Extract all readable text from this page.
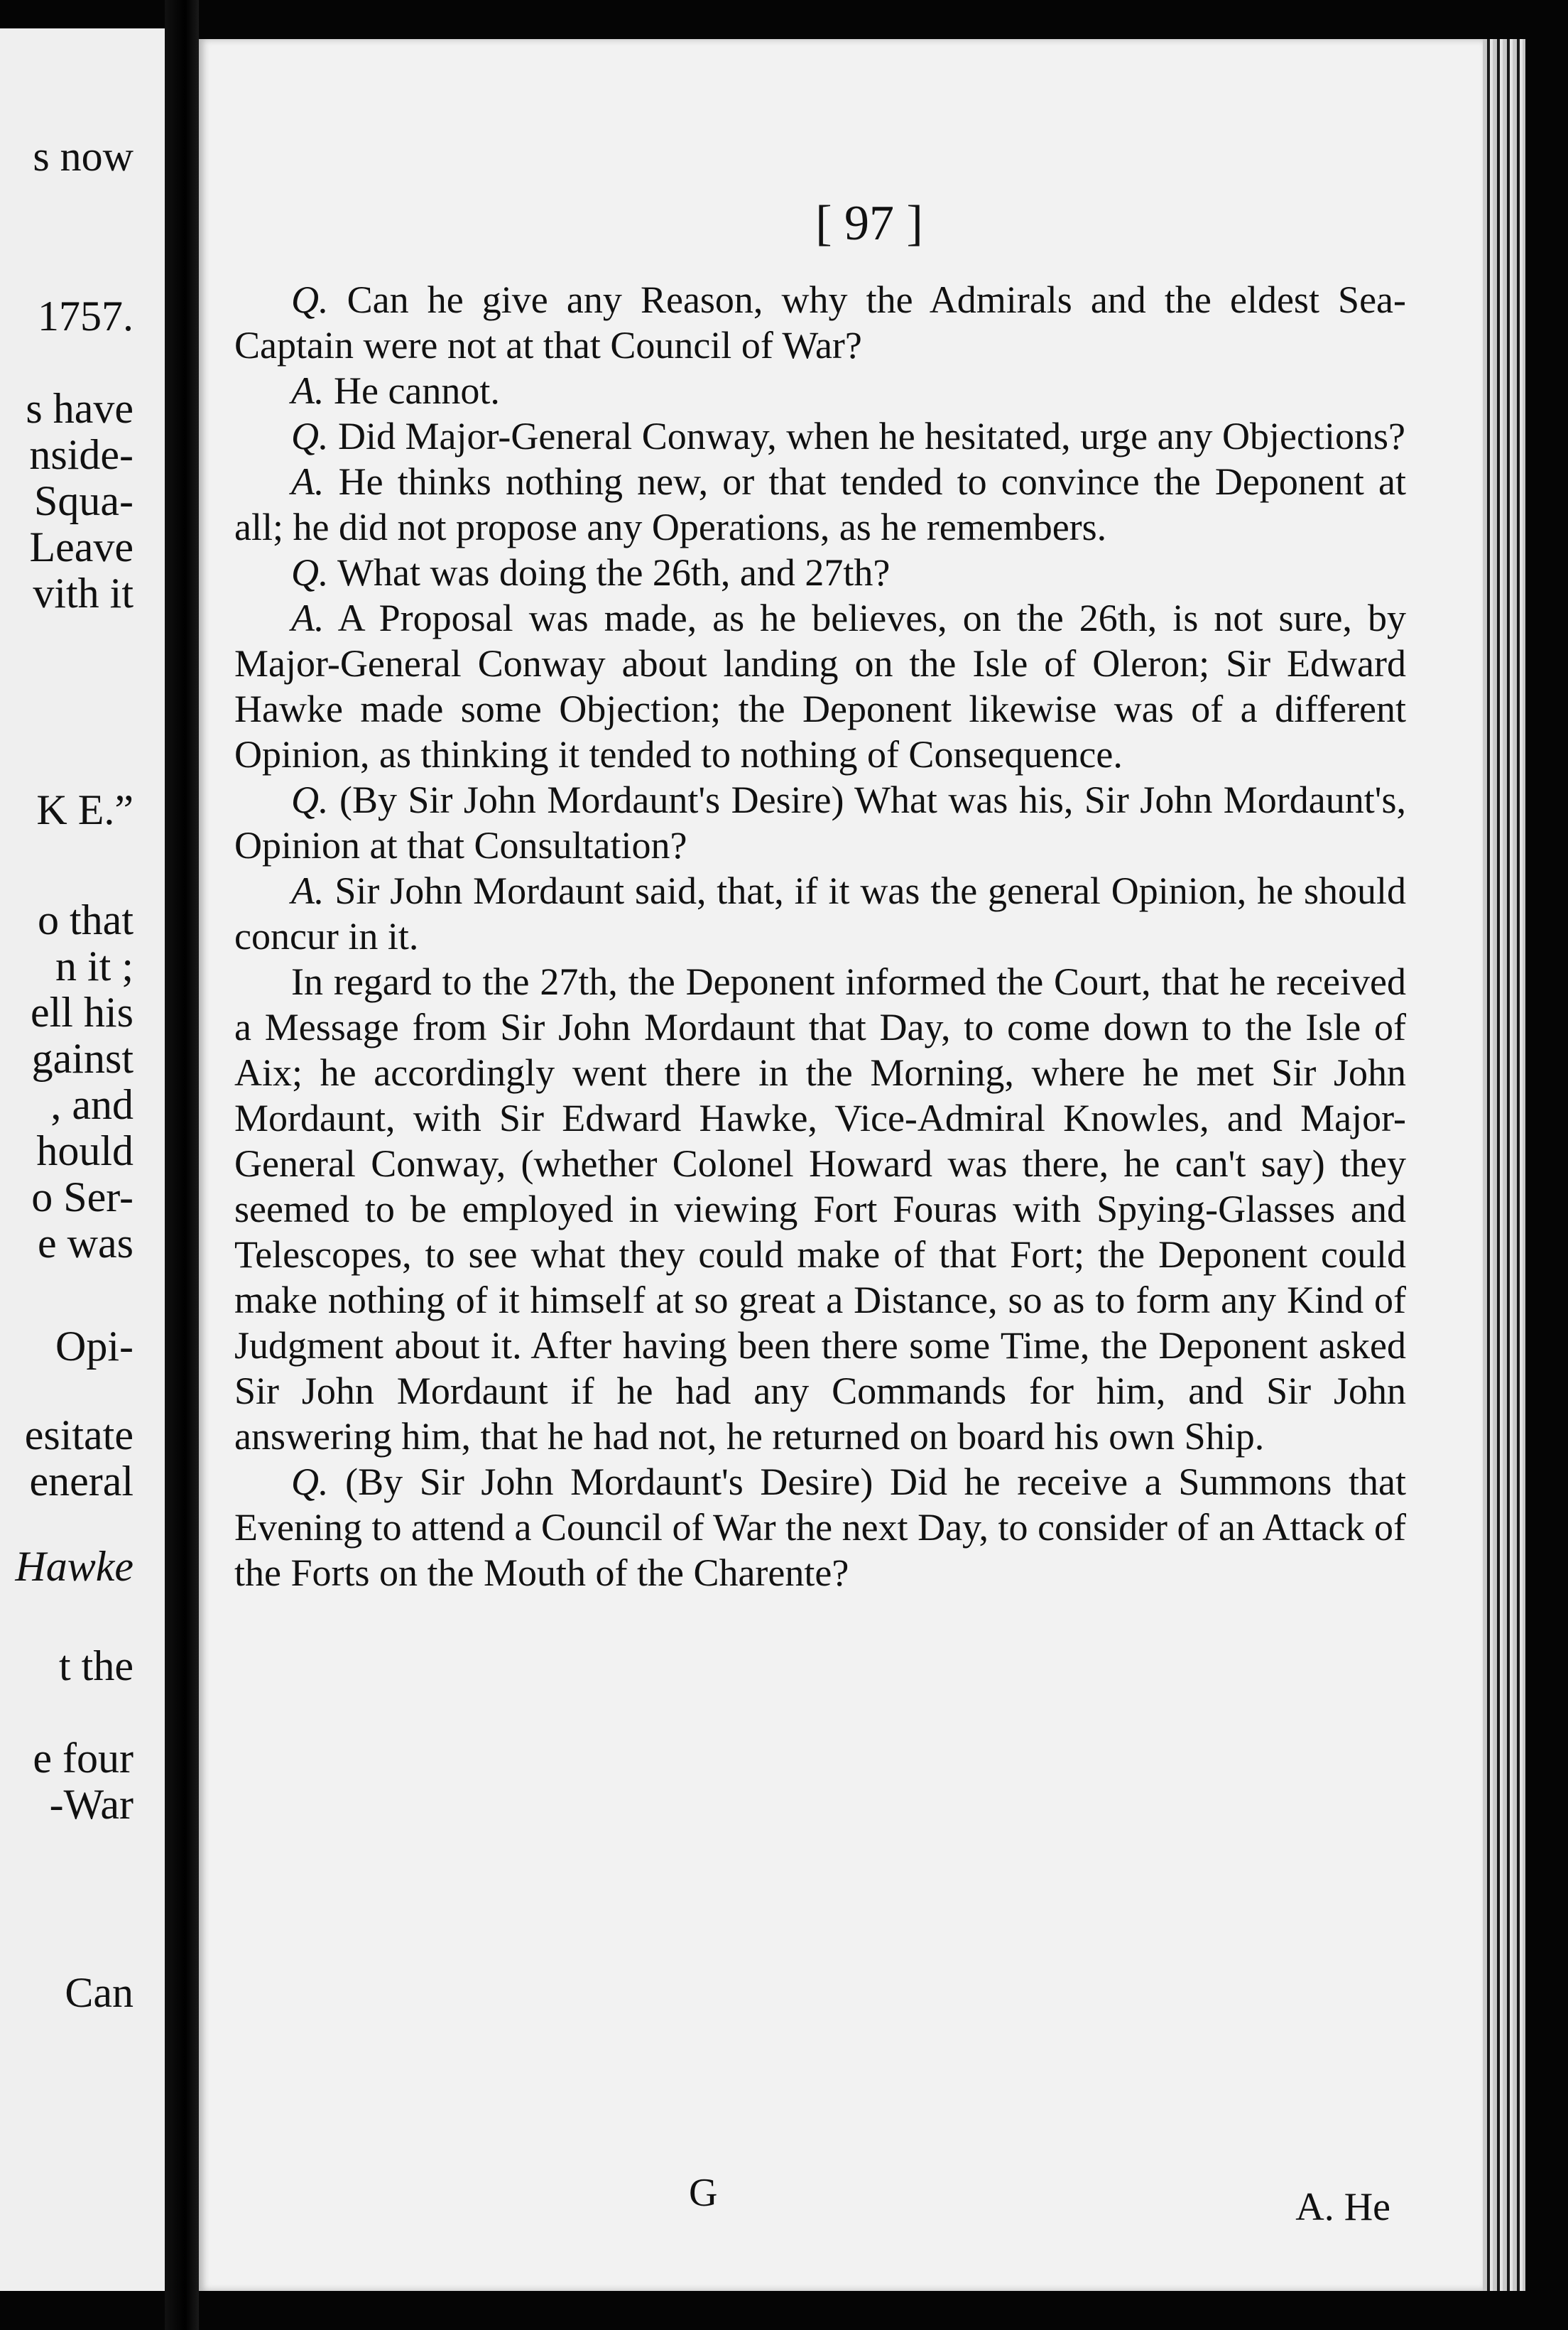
s now
1757.
s have
nside-
Squa-
Leave
vith it
K E.”
o that
n it ;
ell his
gainst
, and
hould
o Ser-
e was
Opi-
esitate
eneral
Hawke
t the
e four
-War
Can
[ 97 ]

Q. Can he give any Reason, why the Admirals and the eldest Sea-Captain were not at that Council of War?

A. He cannot.

Q. Did Major-General Conway, when he hesitated, urge any Objections?

A. He thinks nothing new, or that tended to convince the Deponent at all; he did not propose any Operations, as he remembers.

Q. What was doing the 26th, and 27th?

A. A Proposal was made, as he believes, on the 26th, is not sure, by Major-General Conway about landing on the Isle of Oleron; Sir Edward Hawke made some Objection; the Deponent likewise was of a different Opinion, as thinking it tended to nothing of Consequence.

Q. (By Sir John Mordaunt's Desire) What was his, Sir John Mordaunt's, Opinion at that Consultation?

A. Sir John Mordaunt said, that, if it was the general Opinion, he should concur in it.

In regard to the 27th, the Deponent informed the Court, that he received a Message from Sir John Mordaunt that Day, to come down to the Isle of Aix; he accordingly went there in the Morning, where he met Sir John Mordaunt, with Sir Edward Hawke, Vice-Admiral Knowles, and Major-General Conway, (whether Colonel Howard was there, he can't say) they seemed to be employed in viewing Fort Fouras with Spying-Glasses and Telescopes, to see what they could make of that Fort; the Deponent could make nothing of it himself at so great a Distance, so as to form any Kind of Judgment about it. After having been there some Time, the Deponent asked Sir John Mordaunt if he had any Commands for him, and Sir John answering him, that he had not, he returned on board his own Ship.

Q. (By Sir John Mordaunt's Desire) Did he receive a Summons that Evening to attend a Council of War the next Day, to consider of an Attack of the Forts on the Mouth of the Charente?

G	A. He
